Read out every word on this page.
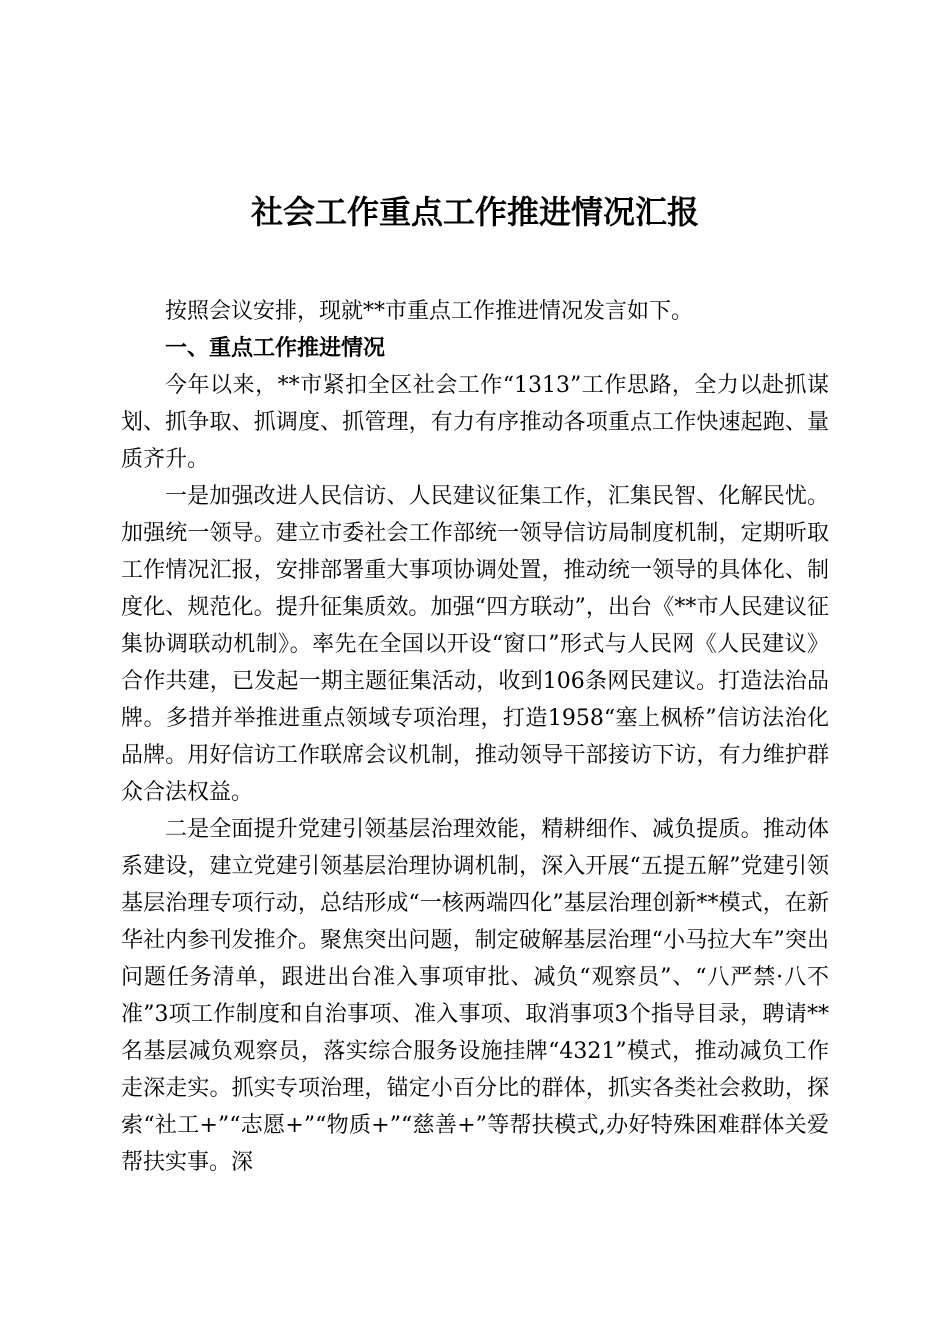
社会工作重点工作推进情况汇报

按照会议安排，现就**市重点工作推进情况发言如下。

一、重点工作推进情况

今年以来，**市紧扣全区社会工作“1313”工作思路，全力以赴抓谋划、抓争取、抓调度、抓管理，有力有序推动各项重点工作快速起跑、量质齐升。

一是加强改进人民信访、人民建议征集工作，汇集民智、化解民忧。加强统一领导。建立市委社会工作部统一领导信访局制度机制，定期听取工作情况汇报，安排部署重大事项协调处置，推动统一领导的具体化、制度化、规范化。提升征集质效。加强“四方联动”，出台《**市人民建议征集协调联动机制》。率先在全国以开设“窗口”形式与人民网《人民建议》合作共建，已发起一期主题征集活动，收到106条网民建议。打造法治品牌。多措并举推进重点领域专项治理，打造1958“塞上枫桥”信访法治化品牌。用好信访工作联席会议机制，推动领导干部接访下访，有力维护群众合法权益。

二是全面提升党建引领基层治理效能，精耕细作、减负提质。推动体系建设，建立党建引领基层治理协调机制，深入开展“五提五解”党建引领基层治理专项行动，总结形成“一核两端四化”基层治理创新**模式，在新华社内参刊发推介。聚焦突出问题，制定破解基层治理“小马拉大车”突出问题任务清单，跟进出台准入事项审批、减负“观察员”、“八严禁·八不准”3项工作制度和自治事项、准入事项、取消事项3个指导目录，聘请**名基层减负观察员，落实综合服务设施挂牌“4321”模式，推动减负工作走深走实。抓实专项治理，锚定小百分比的群体，抓实各类社会救助，探索“社工+”“志愿+”“物质+”“慈善+”等帮扶模式,办好特殊困难群体关爱帮扶实事。深
